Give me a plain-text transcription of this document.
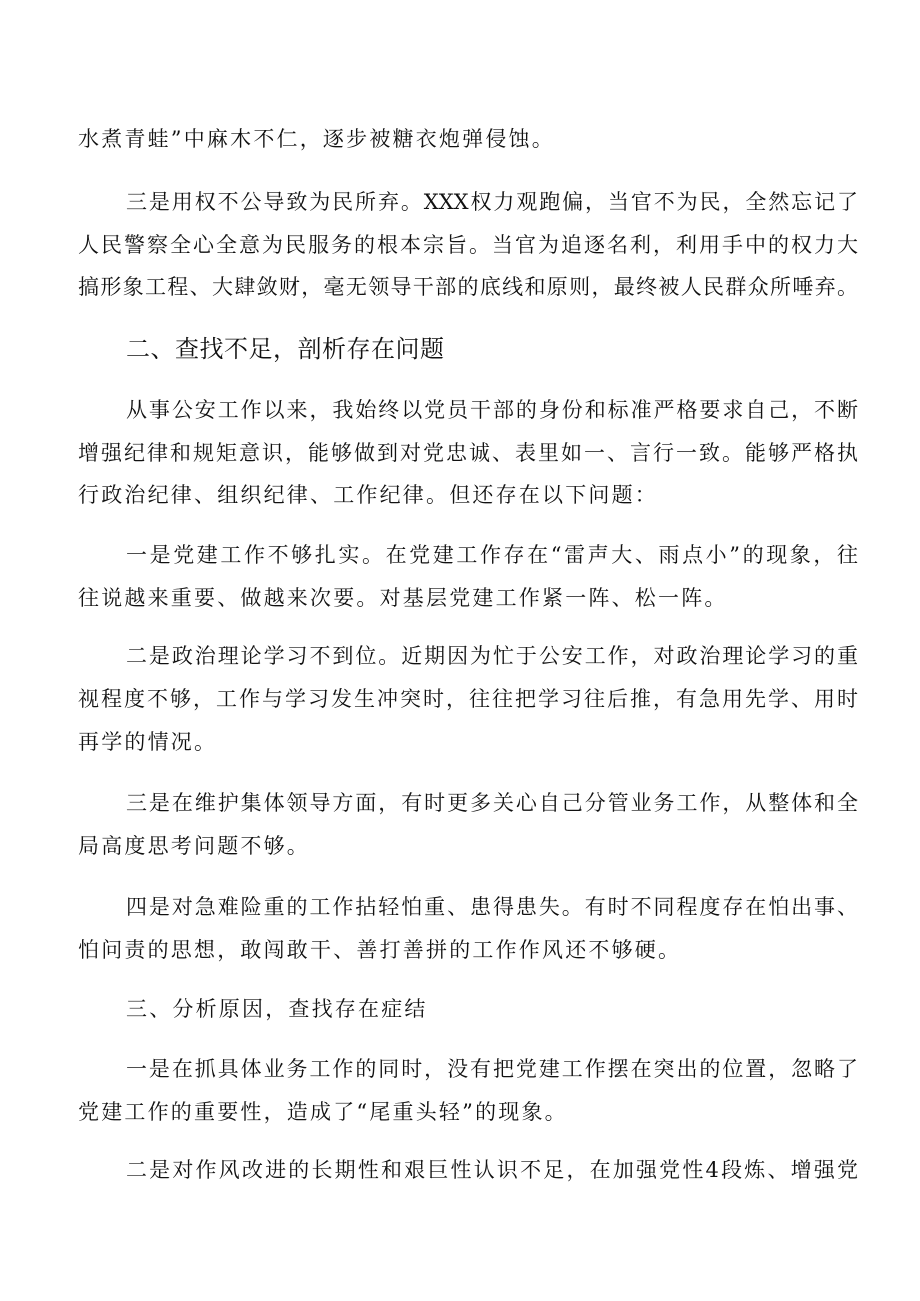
水煮青蛙”中麻木不仁，逐步被糖衣炮弹侵蚀。
三是用权不公导致为民所弃。XXX权力观跑偏，当官不为民，全然忘记了
人民警察全心全意为民服务的根本宗旨。当官为追逐名利，利用手中的权力大
搞形象工程、大肆敛财，毫无领导干部的底线和原则，最终被人民群众所唾弃。
二、查找不足，剖析存在问题
从事公安工作以来，我始终以党员干部的身份和标准严格要求自己，不断
增强纪律和规矩意识，能够做到对党忠诚、表里如一、言行一致。能够严格执
行政治纪律、组织纪律、工作纪律。但还存在以下问题：
一是党建工作不够扎实。在党建工作存在“雷声大、雨点小”的现象，往
往说越来重要、做越来次要。对基层党建工作紧一阵、松一阵。
二是政治理论学习不到位。近期因为忙于公安工作，对政治理论学习的重
视程度不够，工作与学习发生冲突时，往往把学习往后推，有急用先学、用时
再学的情况。
三是在维护集体领导方面，有时更多关心自己分管业务工作，从整体和全
局高度思考问题不够。
四是对急难险重的工作拈轻怕重、患得患失。有时不同程度存在怕出事、
怕问责的思想，敢闯敢干、善打善拼的工作作风还不够硬。
三、分析原因，查找存在症结
一是在抓具体业务工作的同时，没有把党建工作摆在突出的位置，忽略了
党建工作的重要性，造成了“尾重头轻”的现象。
二是对作风改进的长期性和艰巨性认识不足，在加强党性4段炼、增强党
